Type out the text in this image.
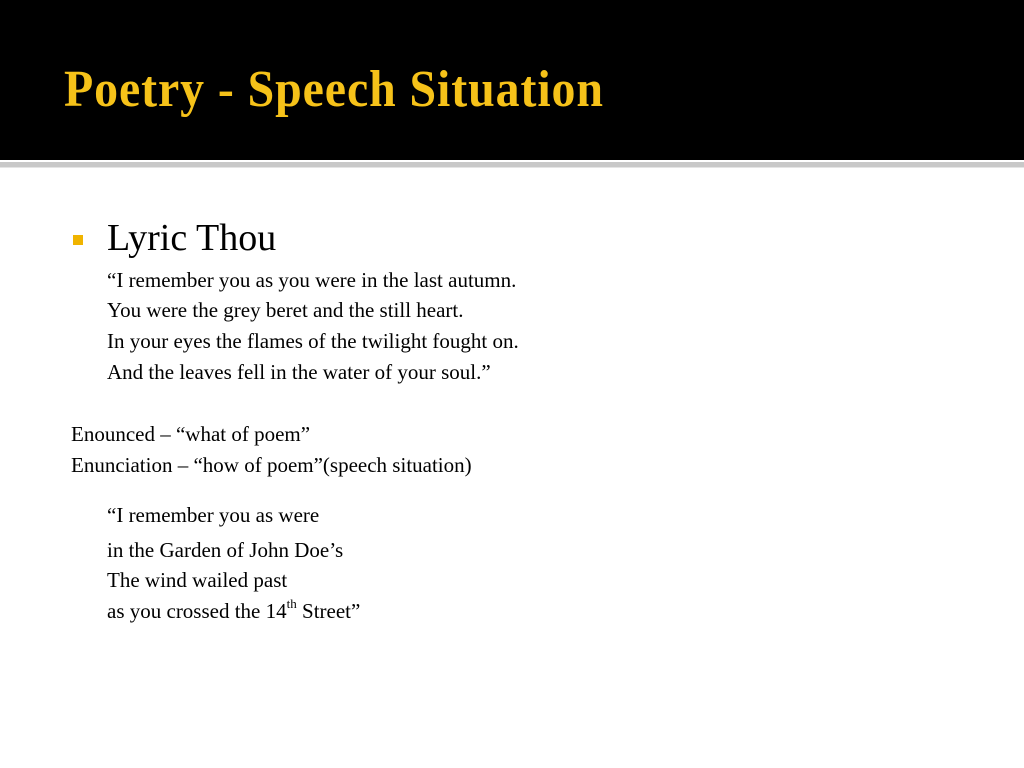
Poetry - Speech Situation

Lyric Thou

“I remember you as you were in the last autumn.

You were the grey beret and the still heart.

In your eyes the flames of the twilight fought on.

And the leaves fell in the water of your soul.”

Enounced – “what of poem”

Enunciation – “how of poem”(speech situation)

“I remember you as were

in the Garden of John Doe’s

The wind wailed past

as you crossed the 14th Street”
